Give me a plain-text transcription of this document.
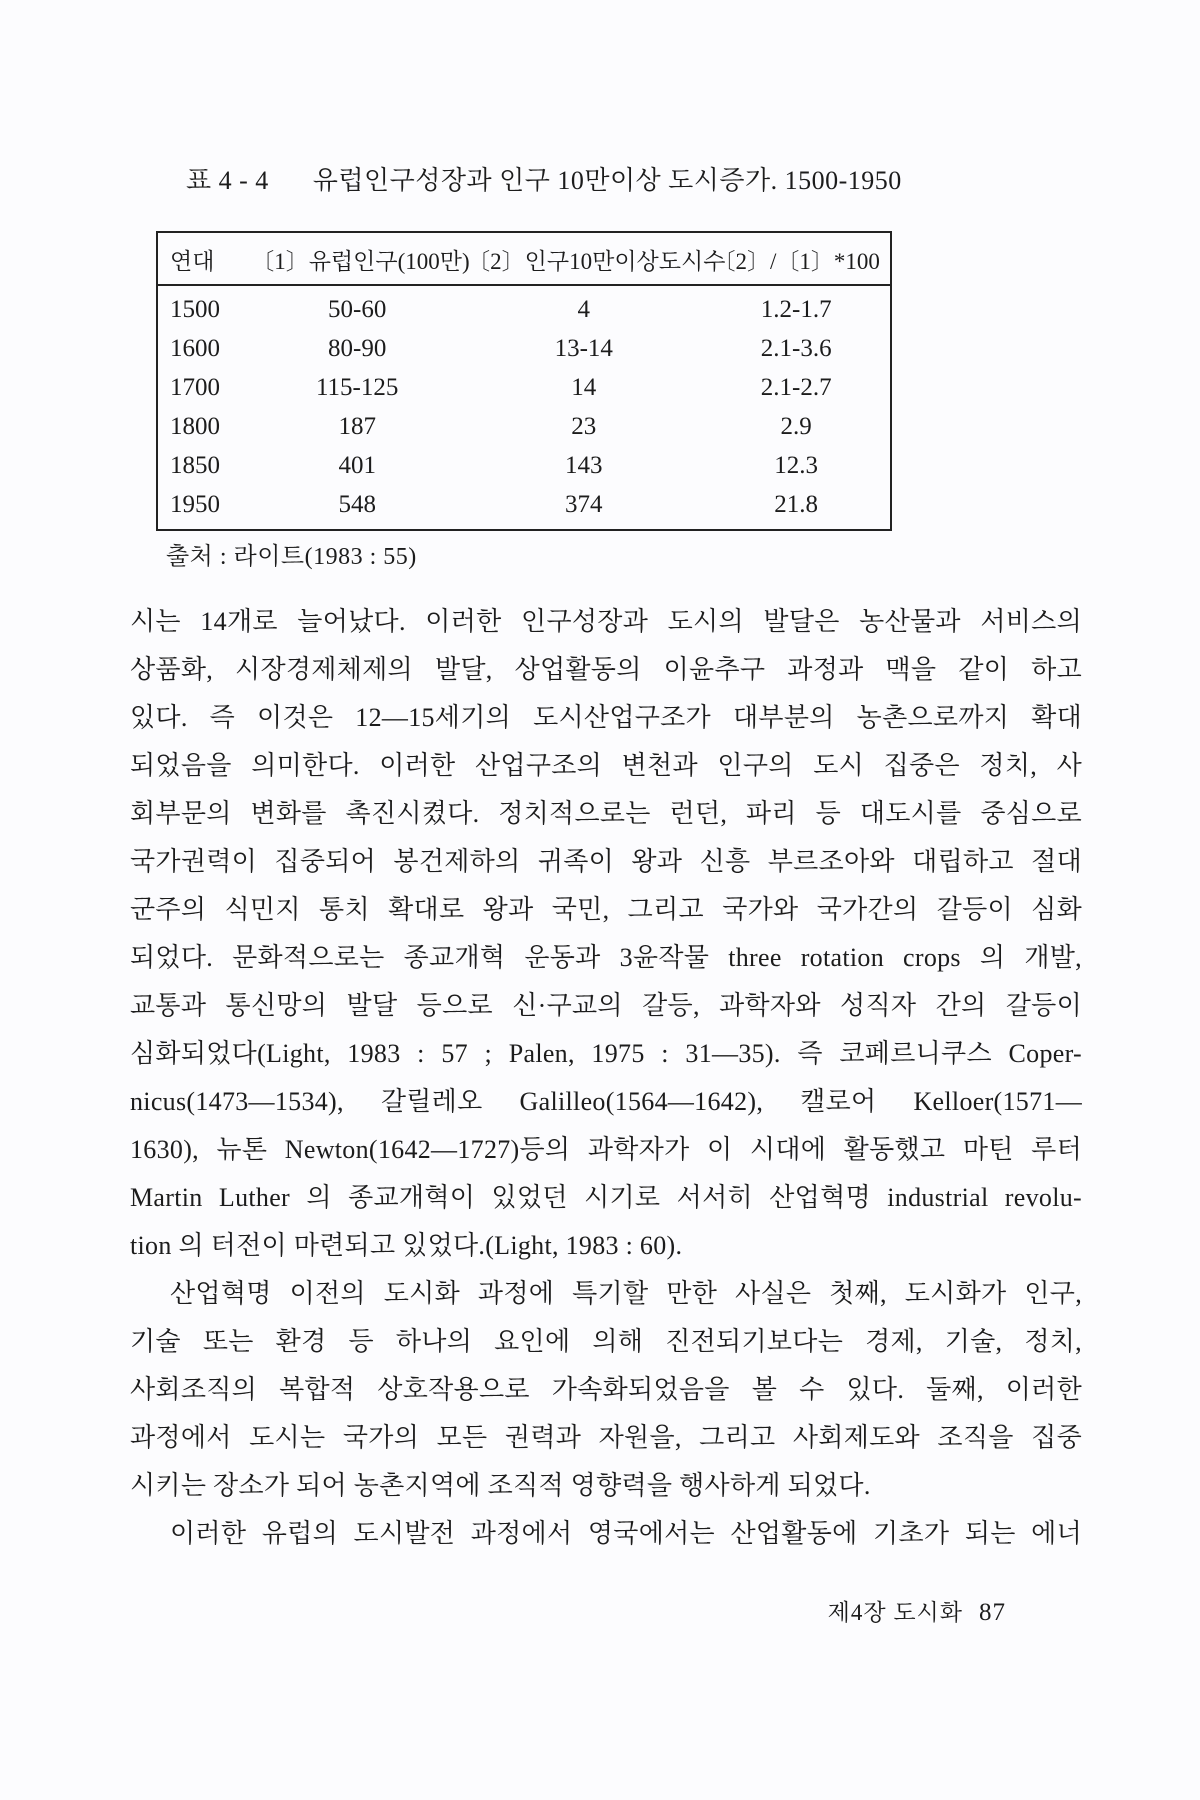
표 4 - 4 유럽인구성장과 인구 10만이상 도시증가. 1500-1950
연대	〔1〕유럽인구(100만)	〔2〕인구10만이상도시수	〔2〕/〔1〕*100
1500	50-60	4	1.2-1.7
1600	80-90	13-14	2.1-3.6
1700	115-125	14	2.1-2.7
1800	187	23	2.9
1850	401	143	12.3
1950	548	374	21.8
출처 : 라이트(1983 : 55)
시는 14개로 늘어났다. 이러한 인구성장과 도시의 발달은 농산물과 서비스의
상품화, 시장경제체제의 발달, 상업활동의 이윤추구 과정과 맥을 같이 하고
있다. 즉 이것은 12—15세기의 도시산업구조가 대부분의 농촌으로까지 확대
되었음을 의미한다. 이러한 산업구조의 변천과 인구의 도시 집중은 정치, 사
회부문의 변화를 촉진시켰다. 정치적으로는 런던, 파리 등 대도시를 중심으로
국가권력이 집중되어 봉건제하의 귀족이 왕과 신흥 부르조아와 대립하고 절대
군주의 식민지 통치 확대로 왕과 국민, 그리고 국가와 국가간의 갈등이 심화
되었다. 문화적으로는 종교개혁 운동과 3윤작물 three rotation crops 의 개발,
교통과 통신망의 발달 등으로 신·구교의 갈등, 과학자와 성직자 간의 갈등이
심화되었다(Light, 1983 : 57 ; Palen, 1975 : 31—35). 즉 코페르니쿠스 Coper-
nicus(1473—1534), 갈릴레오 Galilleo(1564—1642), 캘로어 Kelloer(1571—
1630), 뉴톤 Newton(1642—1727)등의 과학자가 이 시대에 활동했고 마틴 루터
Martin Luther 의 종교개혁이 있었던 시기로 서서히 산업혁명 industrial revolu-
tion 의 터전이 마련되고 있었다.(Light, 1983 : 60).
산업혁명 이전의 도시화 과정에 특기할 만한 사실은 첫째, 도시화가 인구,
기술 또는 환경 등 하나의 요인에 의해 진전되기보다는 경제, 기술, 정치,
사회조직의 복합적 상호작용으로 가속화되었음을 볼 수 있다. 둘째, 이러한
과정에서 도시는 국가의 모든 권력과 자원을, 그리고 사회제도와 조직을 집중
시키는 장소가 되어 농촌지역에 조직적 영향력을 행사하게 되었다.
이러한 유럽의 도시발전 과정에서 영국에서는 산업활동에 기초가 되는 에너
제4장 도시화 87
